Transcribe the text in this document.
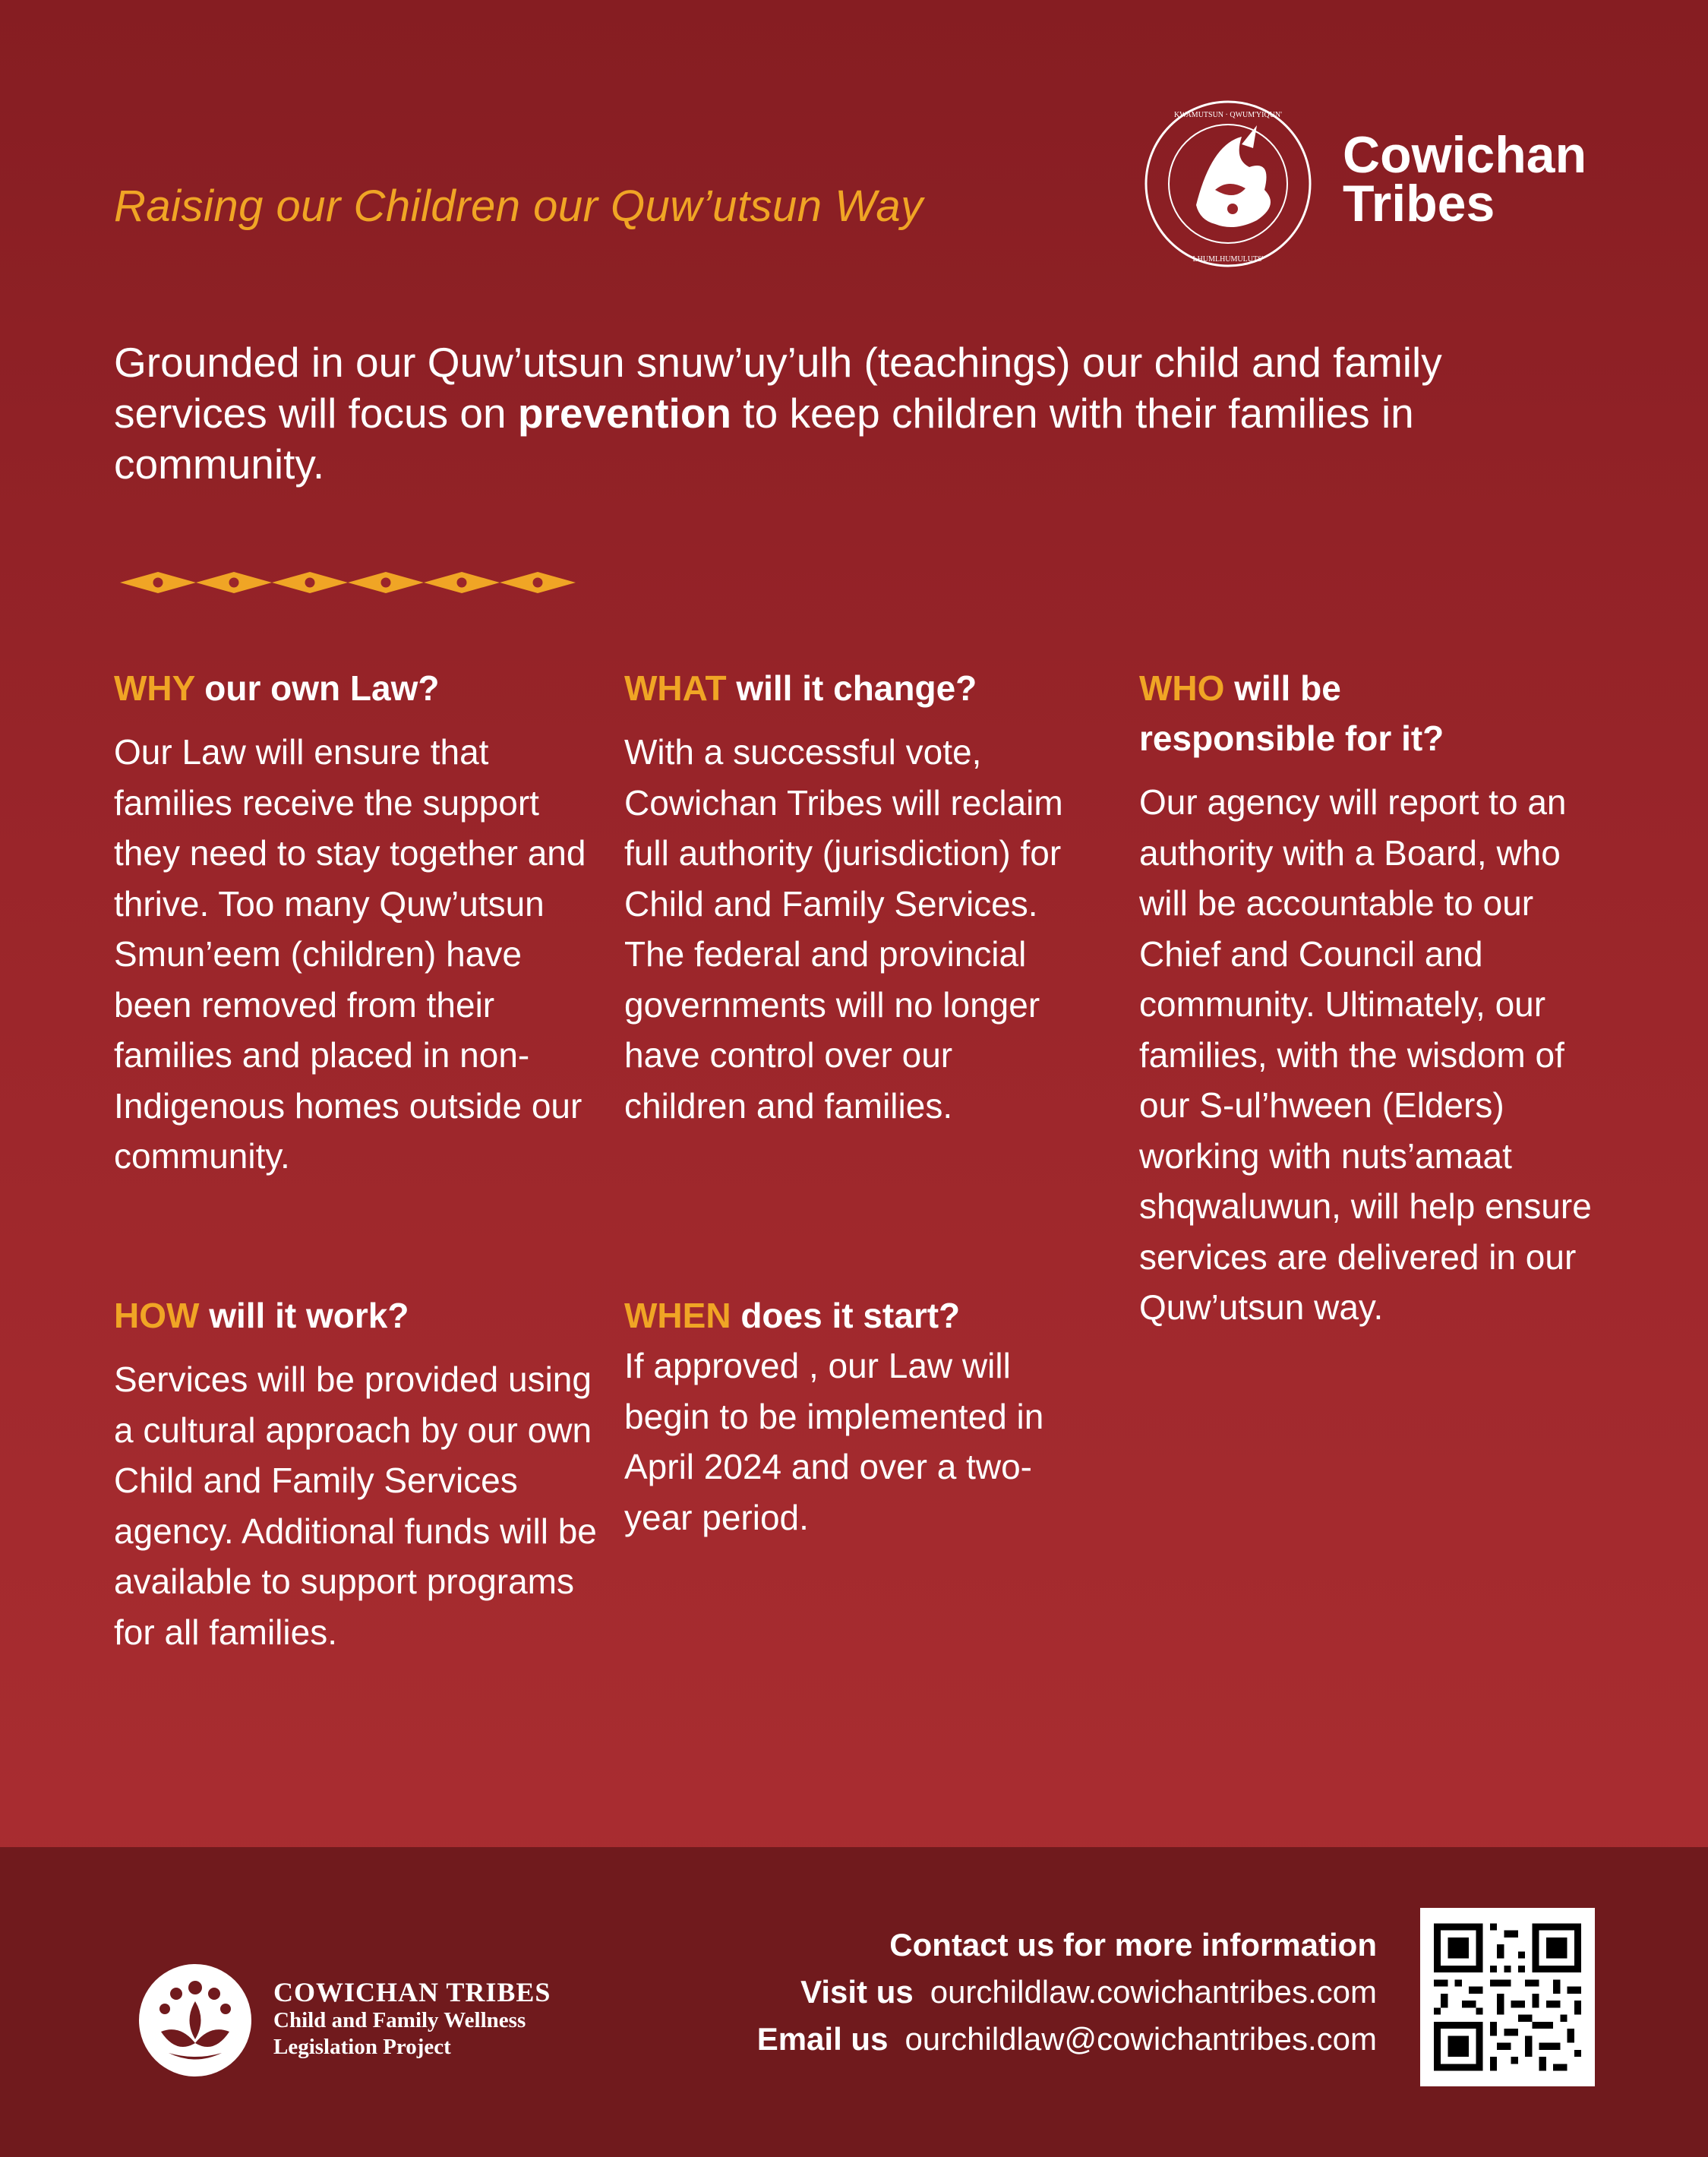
Raising our Children our Quw’utsun Way
KWAMUTSUN · QWUM'YIQUN'
LHUMLHUMULUTS'
Cowichan
Tribes
Grounded in our Quw’utsun snuw’uy’ulh (teachings) our child and family services will focus on prevention to keep children with their families in community.
WHY our own Law?

Our Law will ensure that families receive the support they need to stay together and thrive. Too many Quw’utsun Smun’eem (children) have been removed from their families and placed in non-Indigenous homes outside our community.

HOW will it work?

Services will be provided using a cultural approach by our own Child and Family Services agency. Additional funds will be available to support programs for all families.

WHAT will it change?

With a successful vote, Cowichan Tribes will reclaim full authority (jurisdiction) for Child and Family Services. The federal and provincial governments will no longer have control over our children and families.

WHEN does it start?

If approved , our Law will begin to be implemented in April 2024 and over a two-year period.

WHO will be responsible for it?

Our agency will report to an authority with a Board, who will be accountable to our Chief and Council and community. Ultimately, our families, with the wisdom of our S-ul’hween (Elders) working with nuts’amaat shqwaluwun, will help ensure services are delivered in our Quw’utsun way.

COWICHAN TRIBES
Child and Family Wellness
Legislation Project
Contact us for more information
Visit us ourchildlaw.cowichantribes.com
Email us ourchildlaw@cowichantribes.com
